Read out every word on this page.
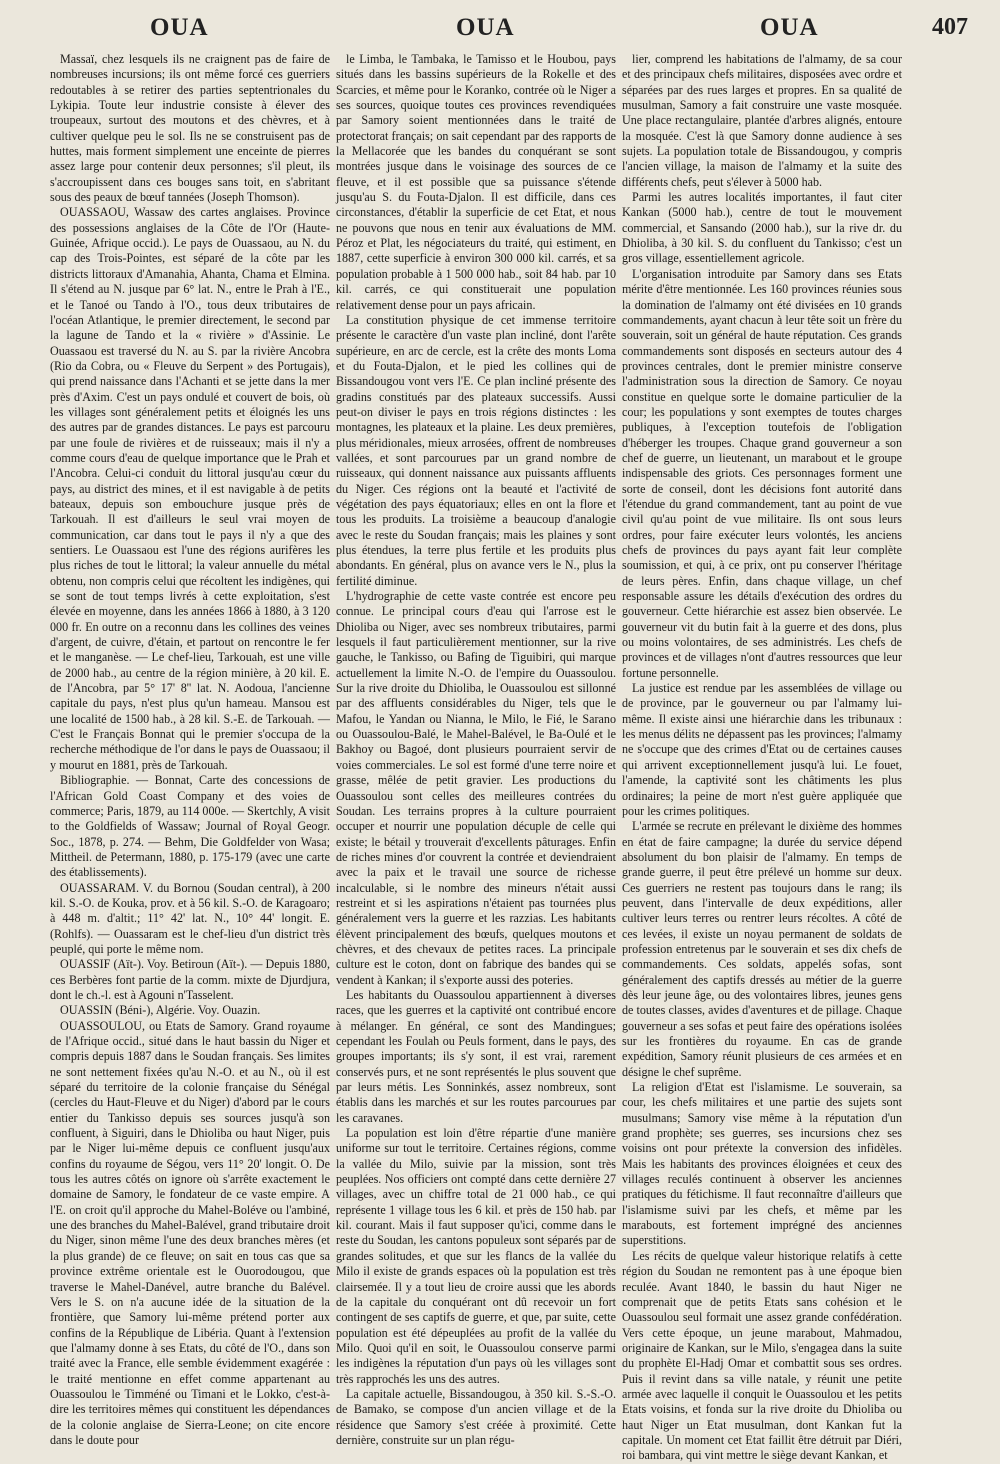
OUA	OUA	OUA	407

Massaï, chez lesquels ils ne craignent pas de faire de nombreuses incursions; ils ont même forcé ces guerriers redoutables à se retirer des parties septentrionales du Lykipia. Toute leur industrie consiste à élever des troupeaux, surtout des moutons et des chèvres, et à cultiver quelque peu le sol. Ils ne se construisent pas de huttes, mais forment simplement une enceinte de pierres assez large pour contenir deux personnes; s'il pleut, ils s'accroupissent dans ces bouges sans toit, en s'abritant sous des peaux de bœuf tannées (Joseph Thomson).

OUASSAOU, Wassaw des cartes anglaises. Province des possessions anglaises de la Côte de l'Or (Haute-Guinée, Afrique occid.). Le pays de Ouassaou, au N. du cap des Trois-Pointes, est séparé de la côte par les districts littoraux d'Amanahia, Ahanta, Chama et Elmina. Il s'étend au N. jusque par 6° lat. N., entre le Prah à l'E., et le Tanoé ou Tando à l'O., tous deux tributaires de l'océan Atlantique, le premier directement, le second par la lagune de Tando et la « rivière » d'Assinie. Le Ouassaou est traversé du N. au S. par la rivière Ancobra (Rio da Cobra, ou « Fleuve du Serpent » des Portugais), qui prend naissance dans l'Achanti et se jette dans la mer près d'Axim. C'est un pays ondulé et couvert de bois, où les villages sont généralement petits et éloignés les uns des autres par de grandes distances. Le pays est parcouru par une foule de rivières et de ruisseaux; mais il n'y a comme cours d'eau de quelque importance que le Prah et l'Ancobra. Celui-ci conduit du littoral jusqu'au cœur du pays, au district des mines, et il est navigable à de petits bateaux, depuis son embouchure jusque près de Tarkouah. Il est d'ailleurs le seul vrai moyen de communication, car dans tout le pays il n'y a que des sentiers. Le Ouassaou est l'une des régions aurifères les plus riches de tout le littoral; la valeur annuelle du métal obtenu, non compris celui que récoltent les indigènes, qui se sont de tout temps livrés à cette exploitation, s'est élevée en moyenne, dans les années 1866 à 1880, à 3 120 000 fr. En outre on a reconnu dans les collines des veines d'argent, de cuivre, d'étain, et partout on rencontre le fer et le manganèse. — Le chef-lieu, Tarkouah, est une ville de 2000 hab., au centre de la région minière, à 20 kil. E. de l'Ancobra, par 5° 17' 8'' lat. N. Aodoua, l'ancienne capitale du pays, n'est plus qu'un hameau. Mansou est une localité de 1500 hab., à 28 kil. S.-E. de Tarkouah. — C'est le Français Bonnat qui le premier s'occupa de la recherche méthodique de l'or dans le pays de Ouassaou; il y mourut en 1881, près de Tarkouah.

Bibliographie. — Bonnat, Carte des concessions de l'African Gold Coast Company et des voies de commerce; Paris, 1879, au 114 000e. — Skertchly, A visit to the Goldfields of Wassaw; Journal of Royal Geogr. Soc., 1878, p. 274. — Behm, Die Goldfelder von Wasa; Mittheil. de Petermann, 1880, p. 175-179 (avec une carte des établissements).

OUASSARAM. V. du Bornou (Soudan central), à 200 kil. S.-O. de Kouka, prov. et à 56 kil. S.-O. de Karagoaro; à 448 m. d'altit.; 11° 42' lat. N., 10° 44' longit. E. (Rohlfs). — Ouassaram est le chef-lieu d'un district très peuplé, qui porte le même nom.

OUASSIF (Aït-). Voy. Betiroun (Aït-). — Depuis 1880, ces Berbères font partie de la comm. mixte de Djurdjura, dont le ch.-l. est à Agouni n'Tasselent.

OUASSIN (Béni-), Algérie. Voy. Ouazin.

OUASSOULOU, ou Etats de Samory. Grand royaume de l'Afrique occid., situé dans le haut bassin du Niger et compris depuis 1887 dans le Soudan français. Ses limites ne sont nettement fixées qu'au N.-O. et au N., où il est séparé du territoire de la colonie française du Sénégal (cercles du Haut-Fleuve et du Niger) d'abord par le cours entier du Tankisso depuis ses sources jusqu'à son confluent, à Siguiri, dans le Dhioliba ou haut Niger, puis par le Niger lui-même depuis ce confluent jusqu'aux confins du royaume de Ségou, vers 11° 20' longit. O. De tous les autres côtés on ignore où s'arrête exactement le domaine de Samory, le fondateur de ce vaste empire. A l'E. on croit qu'il approche du Mahel-Boléve ou l'ambiné, une des branches du Mahel-Balével, grand tributaire droit du Niger, sinon même l'une des deux branches mères (et la plus grande) de ce fleuve; on sait en tous cas que sa province extrême orientale est le Ouorodougou, que traverse le Mahel-Danével, autre branche du Balével. Vers le S. on n'a aucune idée de la situation de la frontière, que Samory lui-même prétend porter aux confins de la République de Libéria. Quant à l'extension que l'almamy donne à ses Etats, du côté de l'O., dans son traité avec la France, elle semble évidemment exagérée : le traité mentionne en effet comme appartenant au Ouassoulou le Timméné ou Timani et le Lokko, c'est-à-dire les territoires mêmes qui constituent les dépendances de la colonie anglaise de Sierra-Leone; on cite encore dans le doute pour

le Limba, le Tambaka, le Tamisso et le Houbou, pays situés dans les bassins supérieurs de la Rokelle et des Scarcies, et même pour le Koranko, contrée où le Niger a ses sources, quoique toutes ces provinces revendiquées par Samory soient mentionnées dans le traité de protectorat français; on sait cependant par des rapports de la Mellacorée que les bandes du conquérant se sont montrées jusque dans le voisinage des sources de ce fleuve, et il est possible que sa puissance s'étende jusqu'au S. du Fouta-Djalon. Il est difficile, dans ces circonstances, d'établir la superficie de cet Etat, et nous ne pouvons que nous en tenir aux évaluations de MM. Péroz et Plat, les négociateurs du traité, qui estiment, en 1887, cette superficie à environ 300 000 kil. carrés, et sa population probable à 1 500 000 hab., soit 84 hab. par 10 kil. carrés, ce qui constituerait une population relativement dense pour un pays africain.

La constitution physique de cet immense territoire présente le caractère d'un vaste plan incliné, dont l'arête supérieure, en arc de cercle, est la crête des monts Loma et du Fouta-Djalon, et le pied les collines qui de Bissandougou vont vers l'E. Ce plan incliné présente des gradins constitués par des plateaux successifs. Aussi peut-on diviser le pays en trois régions distinctes : les montagnes, les plateaux et la plaine. Les deux premières, plus méridionales, mieux arrosées, offrent de nombreuses vallées, et sont parcourues par un grand nombre de ruisseaux, qui donnent naissance aux puissants affluents du Niger. Ces régions ont la beauté et l'activité de végétation des pays équatoriaux; elles en ont la flore et tous les produits. La troisième a beaucoup d'analogie avec le reste du Soudan français; mais les plaines y sont plus étendues, la terre plus fertile et les produits plus abondants. En général, plus on avance vers le N., plus la fertilité diminue.

L'hydrographie de cette vaste contrée est encore peu connue. Le principal cours d'eau qui l'arrose est le Dhioliba ou Niger, avec ses nombreux tributaires, parmi lesquels il faut particulièrement mentionner, sur la rive gauche, le Tankisso, ou Bafing de Tiguibiri, qui marque actuellement la limite N.-O. de l'empire du Ouassoulou. Sur la rive droite du Dhioliba, le Ouassoulou est sillonné par des affluents considérables du Niger, tels que le Mafou, le Yandan ou Nianna, le Milo, le Fié, le Sarano ou Ouassoulou-Balé, le Mahel-Balével, le Ba-Oulé et le Bakhoy ou Bagoé, dont plusieurs pourraient servir de voies commerciales. Le sol est formé d'une terre noire et grasse, mêlée de petit gravier. Les productions du Ouassoulou sont celles des meilleures contrées du Soudan. Les terrains propres à la culture pourraient occuper et nourrir une population décuple de celle qui existe; le bétail y trouverait d'excellents pâturages. Enfin de riches mines d'or couvrent la contrée et deviendraient avec la paix et le travail une source de richesse incalculable, si le nombre des mineurs n'était aussi restreint et si les aspirations n'étaient pas tournées plus généralement vers la guerre et les razzias. Les habitants élèvent principalement des bœufs, quelques moutons et chèvres, et des chevaux de petites races. La principale culture est le coton, dont on fabrique des bandes qui se vendent à Kankan; il s'exporte aussi des poteries.

Les habitants du Ouassoulou appartiennent à diverses races, que les guerres et la captivité ont contribué encore à mélanger. En général, ce sont des Mandingues; cependant les Foulah ou Peuls forment, dans le pays, des groupes importants; ils s'y sont, il est vrai, rarement conservés purs, et ne sont représentés le plus souvent que par leurs métis. Les Sonninkés, assez nombreux, sont établis dans les marchés et sur les routes parcourues par les caravanes.

La population est loin d'être répartie d'une manière uniforme sur tout le territoire. Certaines régions, comme la vallée du Milo, suivie par la mission, sont très peuplées. Nos officiers ont compté dans cette dernière 27 villages, avec un chiffre total de 21 000 hab., ce qui représente 1 village tous les 6 kil. et près de 150 hab. par kil. courant. Mais il faut supposer qu'ici, comme dans le reste du Soudan, les cantons populeux sont séparés par de grandes solitudes, et que sur les flancs de la vallée du Milo il existe de grands espaces où la population est très clairsemée. Il y a tout lieu de croire aussi que les abords de la capitale du conquérant ont dû recevoir un fort contingent de ses captifs de guerre, et que, par suite, cette population est été dépeuplées au profit de la vallée du Milo. Quoi qu'il en soit, le Ouassoulou conserve parmi les indigènes la réputation d'un pays où les villages sont très rapprochés les uns des autres.

La capitale actuelle, Bissandougou, à 350 kil. S.-S.-O. de Bamako, se compose d'un ancien village et de la résidence que Samory s'est créée à proximité. Cette dernière, construite sur un plan régu-

lier, comprend les habitations de l'almamy, de sa cour et des principaux chefs militaires, disposées avec ordre et séparées par des rues larges et propres. En sa qualité de musulman, Samory a fait construire une vaste mosquée. Une place rectangulaire, plantée d'arbres alignés, entoure la mosquée. C'est là que Samory donne audience à ses sujets. La population totale de Bissandougou, y compris l'ancien village, la maison de l'almamy et la suite des différents chefs, peut s'élever à 5000 hab.

Parmi les autres localités importantes, il faut citer Kankan (5000 hab.), centre de tout le mouvement commercial, et Sansando (2000 hab.), sur la rive dr. du Dhioliba, à 30 kil. S. du confluent du Tankisso; c'est un gros village, essentiellement agricole.

L'organisation introduite par Samory dans ses Etats mérite d'être mentionnée. Les 160 provinces réunies sous la domination de l'almamy ont été divisées en 10 grands commandements, ayant chacun à leur tête soit un frère du souverain, soit un général de haute réputation. Ces grands commandements sont disposés en secteurs autour des 4 provinces centrales, dont le premier ministre conserve l'administration sous la direction de Samory. Ce noyau constitue en quelque sorte le domaine particulier de la cour; les populations y sont exemptes de toutes charges publiques, à l'exception toutefois de l'obligation d'héberger les troupes. Chaque grand gouverneur a son chef de guerre, un lieutenant, un marabout et le groupe indispensable des griots. Ces personnages forment une sorte de conseil, dont les décisions font autorité dans l'étendue du grand commandement, tant au point de vue civil qu'au point de vue militaire. Ils ont sous leurs ordres, pour faire exécuter leurs volontés, les anciens chefs de provinces du pays ayant fait leur complète soumission, et qui, à ce prix, ont pu conserver l'héritage de leurs pères. Enfin, dans chaque village, un chef responsable assure les détails d'exécution des ordres du gouverneur. Cette hiérarchie est assez bien observée. Le gouverneur vit du butin fait à la guerre et des dons, plus ou moins volontaires, de ses administrés. Les chefs de provinces et de villages n'ont d'autres ressources que leur fortune personnelle.

La justice est rendue par les assemblées de village ou de province, par le gouverneur ou par l'almamy lui-même. Il existe ainsi une hiérarchie dans les tribunaux : les menus délits ne dépassent pas les provinces; l'almamy ne s'occupe que des crimes d'Etat ou de certaines causes qui arrivent exceptionnellement jusqu'à lui. Le fouet, l'amende, la captivité sont les châtiments les plus ordinaires; la peine de mort n'est guère appliquée que pour les crimes politiques.

L'armée se recrute en prélevant le dixième des hommes en état de faire campagne; la durée du service dépend absolument du bon plaisir de l'almamy. En temps de grande guerre, il peut être prélevé un homme sur deux. Ces guerriers ne restent pas toujours dans le rang; ils peuvent, dans l'intervalle de deux expéditions, aller cultiver leurs terres ou rentrer leurs récoltes. A côté de ces levées, il existe un noyau permanent de soldats de profession entretenus par le souverain et ses dix chefs de commandements. Ces soldats, appelés sofas, sont généralement des captifs dressés au métier de la guerre dès leur jeune âge, ou des volontaires libres, jeunes gens de toutes classes, avides d'aventures et de pillage. Chaque gouverneur a ses sofas et peut faire des opérations isolées sur les frontières du royaume. En cas de grande expédition, Samory réunit plusieurs de ces armées et en désigne le chef suprême.

La religion d'Etat est l'islamisme. Le souverain, sa cour, les chefs militaires et une partie des sujets sont musulmans; Samory vise même à la réputation d'un grand prophète; ses guerres, ses incursions chez ses voisins ont pour prétexte la conversion des infidèles. Mais les habitants des provinces éloignées et ceux des villages reculés continuent à observer les anciennes pratiques du fétichisme. Il faut reconnaître d'ailleurs que l'islamisme suivi par les chefs, et même par les marabouts, est fortement imprégné des anciennes superstitions.

Les récits de quelque valeur historique relatifs à cette région du Soudan ne remontent pas à une époque bien reculée. Avant 1840, le bassin du haut Niger ne comprenait que de petits Etats sans cohésion et le Ouassoulou seul formait une assez grande confédération. Vers cette époque, un jeune marabout, Mahmadou, originaire de Kankan, sur le Milo, s'engagea dans la suite du prophète El-Hadj Omar et combattit sous ses ordres. Puis il revint dans sa ville natale, y réunit une petite armée avec laquelle il conquit le Ouassoulou et les petits Etats voisins, et fonda sur la rive droite du Dhioliba ou haut Niger un Etat musulman, dont Kankan fut la capitale. Un moment cet Etat faillit être détruit par Diéri, roi bambara, qui vint mettre le siège devant Kankan, et
